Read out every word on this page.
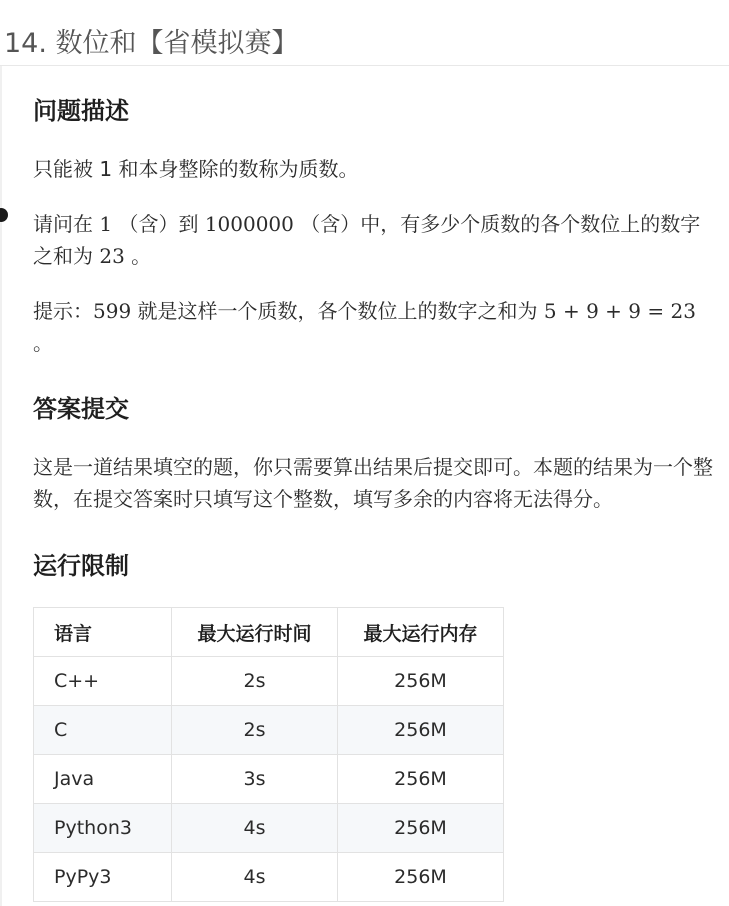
14. 数位和【省模拟赛】
问题描述

只能被 1 和本身整除的数称为质数。

请问在 1 （含）到 1000000 （含）中，有多少个质数的各个数位上的数字之和为 23 。

提示：599 就是这样一个质数，各个数位上的数字之和为 5 + 9 + 9 = 23 。

答案提交

这是一道结果填空的题，你只需要算出结果后提交即可。本题的结果为一个整数，在提交答案时只填写这个整数，填写多余的内容将无法得分。

运行限制
语言	最大运行时间	最大运行内存
C++	2s	256M
C	2s	256M
Java	3s	256M
Python3	4s	256M
PyPy3	4s	256M
